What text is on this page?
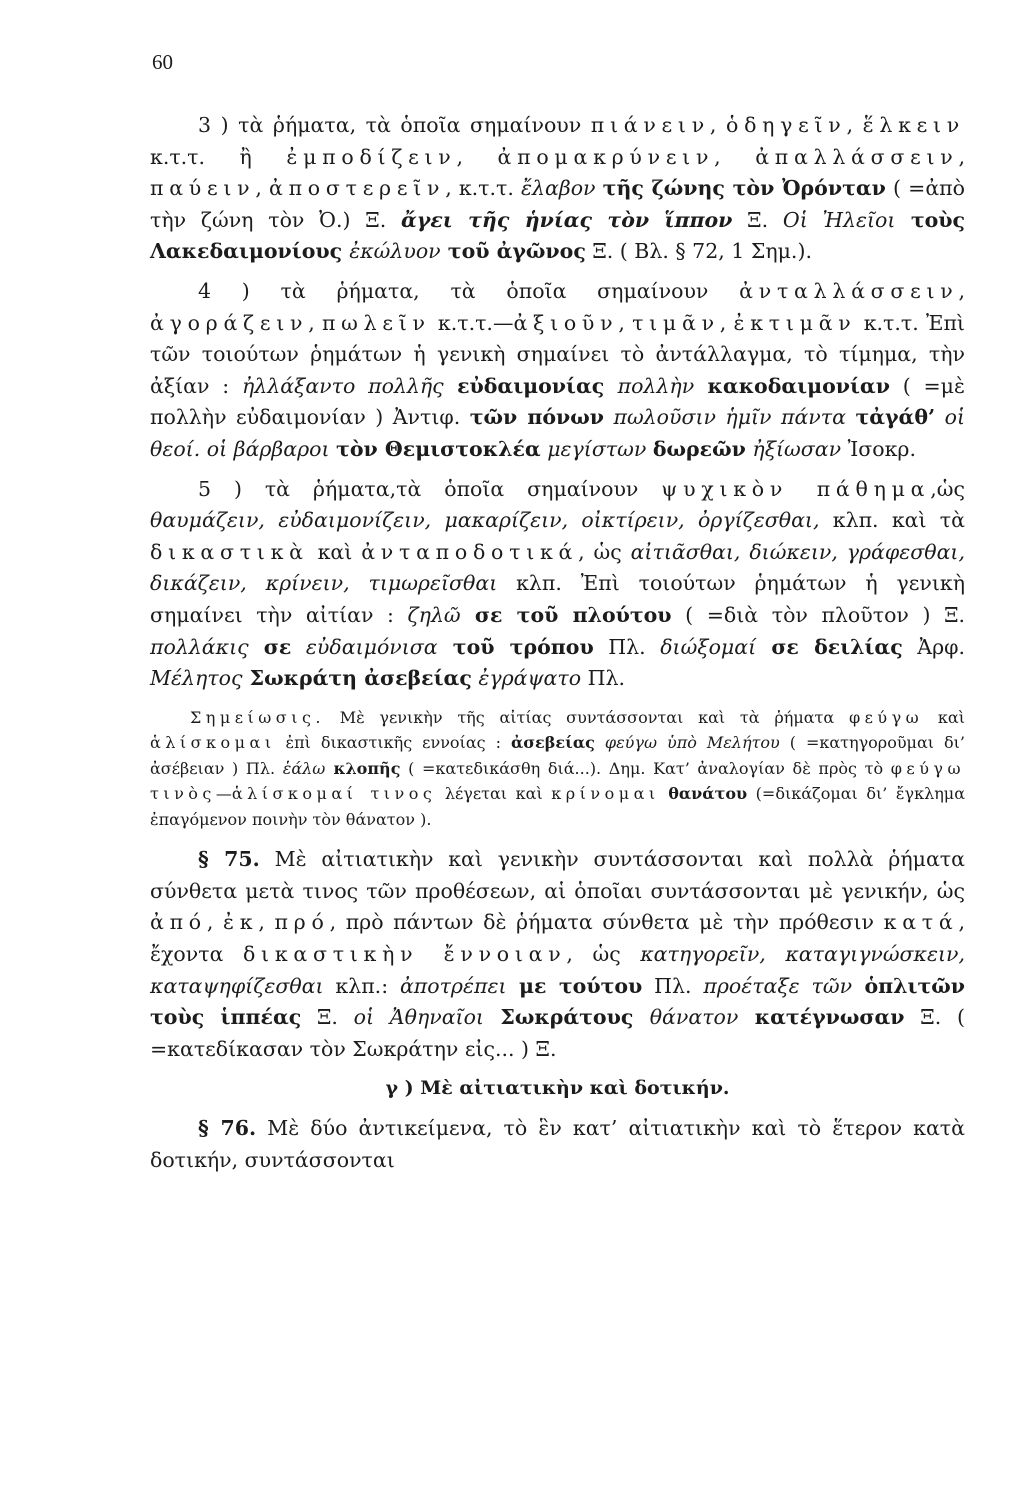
60

3 ) τὰ ῥήματα, τὰ ὁποῖα σημαίνουν πιάνειν, ὁδηγεῖν, ἕλκειν κ.τ.τ. ἢ ἐμποδίζειν, ἀπομακρύνειν, ἀπαλλάσσειν, παύειν, ἀποστερεῖν, κ.τ.τ. ἔλαβον τῆς ζώνης τὸν Ὀρόνταν ( =ἀπὸ τὴν ζώνη τὸν Ὀ.) Ξ. ἄγει τῆς ἡνίας τὸν ἵππον Ξ. Οἱ Ἠλεῖοι τοὺς Λακεδαιμονίους ἐκώλυον τοῦ ἀγῶνος Ξ. ( Βλ. § 72, 1 Σημ.).

4 ) τὰ ῥήματα, τὰ ὁποῖα σημαίνουν ἀνταλλάσσειν, ἀγοράζειν, πωλεῖν κ.τ.τ.—ἀξιοῦν, τιμᾶν, ἐκτιμᾶν κ.τ.τ. Ἐπὶ τῶν τοιούτων ῥημάτων ἡ γενικὴ σημαίνει τὸ ἀντάλλαγμα, τὸ τίμημα, τὴν ἀξίαν : ἠλλάξαντο πολλῆς εὐδαιμονίας πολλὴν κακοδαιμονίαν ( =μὲ πολλὴν εὐδαιμονίαν ) Ἀντιφ. τῶν πόνων πωλοῦσιν ἡμῖν πάντα τἀγάθ’ οἱ θεοί. οἱ βάρβαροι τὸν Θεμιστοκλέα μεγίστων δωρεῶν ἠξίωσαν Ἰσοκρ.

5 ) τὰ ῥήματα,τὰ ὁποῖα σημαίνουν ψυχικὸν πάθημα,ὡς θαυμάζειν, εὐδαιμονίζειν, μακαρίζειν, οἰκτίρειν, ὀργίζεσθαι, κλπ. καὶ τὰ δικαστικὰ καὶ ἀνταποδοτικά, ὡς αἰτιᾶσθαι, διώκειν, γράφεσθαι, δικάζειν, κρίνειν, τιμωρεῖσθαι κλπ. Ἐπὶ τοιούτων ῥημάτων ἡ γενικὴ σημαίνει τὴν αἰτίαν : ζηλῶ σε τοῦ πλούτου ( =διὰ τὸν πλοῦτον ) Ξ. πολλάκις σε εὐδαιμόνισα τοῦ τρόπου Πλ. διώξομαί σε δειλίας Ἀρφ. Μέλητος Σωκράτη ἀσεβείας ἐγράψατο Πλ.

Σημείωσις. Μὲ γενικὴν τῆς αἰτίας συντάσσονται καὶ τὰ ῥήματα φεύγω καὶ ἁλίσκομαι ἐπὶ δικαστικῆς εννοίας : ἀσεβείας φεύγω ὑπὸ Μελήτου ( =κατηγοροῦμαι δι’ ἀσέβειαν ) Πλ. ἑάλω κλοπῆς ( =κατεδικάσθη διά...). Δημ. Κατ’ ἀναλογίαν δὲ πρὸς τὸ φεύγω τινὸς—ἁλίσκομαί τινος λέγεται καὶ κρίνομαι θανάτου (=δικάζομαι δι’ ἔγκλημα ἐπαγόμενον ποινὴν τὸν θάνατον ).

§ 75. Μὲ αἰτιατικὴν καὶ γενικὴν συντάσσονται καὶ πολλὰ ῥήματα σύνθετα μετὰ τινος τῶν προθέσεων, αἱ ὁποῖαι συντάσσονται μὲ γενικήν, ὡς ἀπό, ἐκ, πρό, πρὸ πάντων δὲ ῥήματα σύνθετα μὲ τὴν πρόθεσιν κατά, ἔχοντα δικαστικὴν ἔννοιαν, ὡς κατηγορεῖν, καταγιγνώσκειν, καταψηφίζεσθαι κλπ.: ἀποτρέπει με τούτου Πλ. προέταξε τῶν ὁπλιτῶν τοὺς ἱππέας Ξ. οἱ Ἀθηναῖοι Σωκράτους θάνατον κατέγνωσαν Ξ. ( =κατεδίκασαν τὸν Σωκράτην εἰς... ) Ξ.

γ ) Μὲ αἰτιατικὴν καὶ δοτικήν.

§ 76. Μὲ δύο ἀντικείμενα, τὸ ἓν κατ’ αἰτιατικὴν καὶ τὸ ἕτερον κατὰ δοτικήν, συντάσσονται
